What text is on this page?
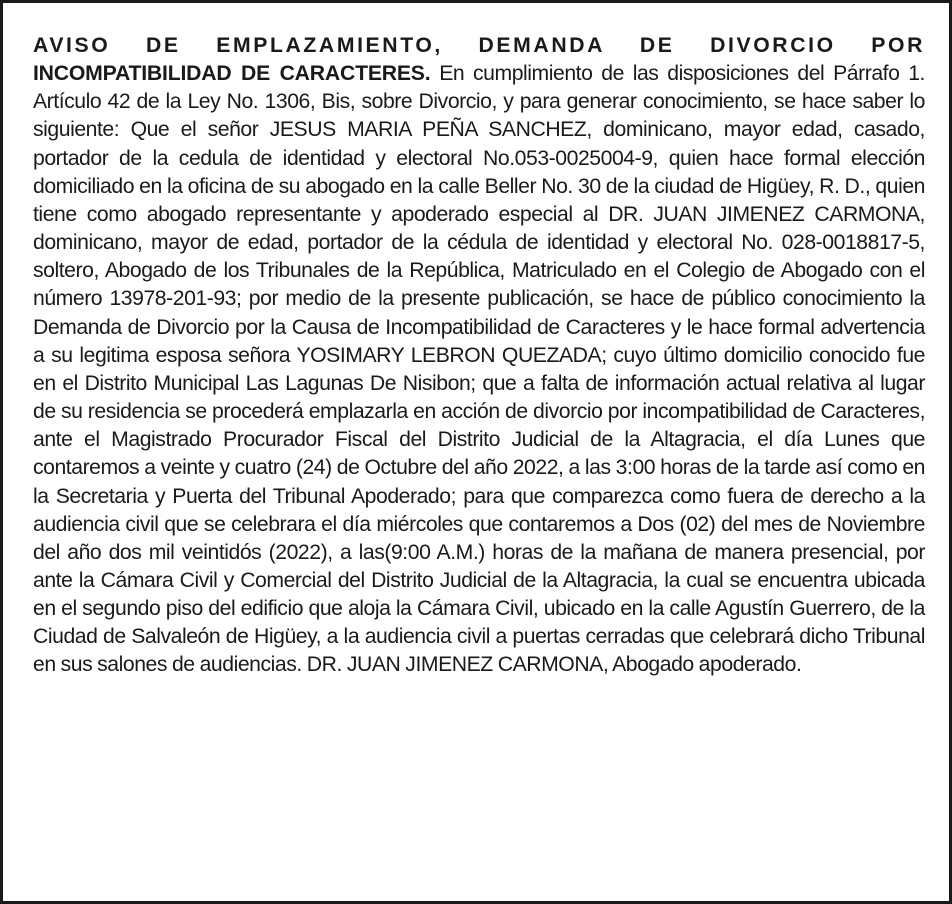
AVISO DE EMPLAZAMIENTO, DEMANDA DE DIVORCIO POR INCOMPATIBILIDAD DE CARACTERES. En cumplimiento de las disposiciones del Párrafo 1. Artículo 42 de la Ley No. 1306, Bis, sobre Divorcio, y para generar conocimiento, se hace saber lo siguiente: Que el señor JESUS MARIA PEÑA SANCHEZ, dominicano, mayor edad, casado, portador de la cedula de identidad y electoral No.053-0025004-9, quien hace formal elección domiciliado en la oficina de su abogado en la calle Beller No. 30 de la ciudad de Higüey, R. D., quien tiene como abogado representante y apoderado especial al DR. JUAN JIMENEZ CARMONA, dominicano, mayor de edad, portador de la cédula de identidad y electoral No. 028-0018817-5, soltero, Abogado de los Tribunales de la República, Matriculado en el Colegio de Abogado con el número 13978-201-93; por medio de la presente publicación, se hace de público conocimiento la Demanda de Divorcio por la Causa de Incompatibilidad de Caracteres y le hace formal advertencia a su legitima esposa señora YOSIMARY LEBRON QUEZADA; cuyo último domicilio conocido fue en el Distrito Municipal Las Lagunas De Nisibon; que a falta de información actual relativa al lugar de su residencia se procederá emplazarla en acción de divorcio por incompatibilidad de Caracteres, ante el Magistrado Procurador Fiscal del Distrito Judicial de la Altagracia, el día Lunes que contaremos a veinte y cuatro (24) de Octubre del año 2022, a las 3:00 horas de la tarde así como en la Secretaria y Puerta del Tribunal Apoderado; para que comparezca como fuera de derecho a la audiencia civil que se celebrara el día miércoles que contaremos a Dos (02) del mes de Noviembre del año dos mil veintidós (2022), a las(9:00 A.M.) horas de la mañana de manera presencial, por ante la Cámara Civil y Comercial del Distrito Judicial de la Altagracia, la cual se encuentra ubicada en el segundo piso del edificio que aloja la Cámara Civil, ubicado en la calle Agustín Guerrero, de la Ciudad de Salvaleón de Higüey, a la audiencia civil a puertas cerradas que celebrará dicho Tribunal en sus salones de audiencias. DR. JUAN JIMENEZ CARMONA, Abogado apoderado.
